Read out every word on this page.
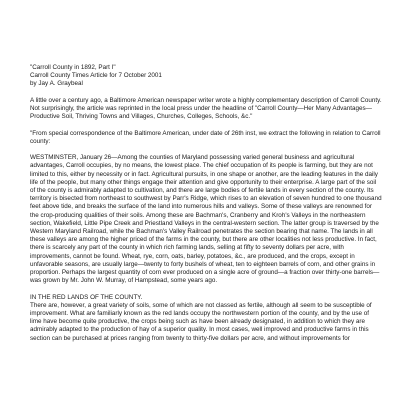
"Carroll County in 1892, Part I"
Carroll County Times Article for 7 October 2001
by Jay A. Graybeal

A little over a century ago, a Baltimore American newspaper writer wrote a highly complementary description of Carroll County. Not surprisingly, the article was reprinted in the local press under the headline of "Carroll County—Her Many Advantages—Productive Soil, Thriving Towns and Villages, Churches, Colleges, Schools, &c."

"From special correspondence of the Baltimore American, under date of 26th inst, we extract the following in relation to Carroll county:

WESTMINSTER, January 26—Among the counties of Maryland possessing varied general business and agricultural advantages, Carroll occupies, by no means, the lowest place. The chief occupation of its people is farming, but they are not limited to this, either by necessity or in fact. Agricultural pursuits, in one shape or another, are the leading features in the daily life of the people, but many other things engage their attention and give opportunity to their enterprise. A large part of the soil of the county is admirably adapted to cultivation, and there are large bodies of fertile lands in every section of the county. Its territory is bisected from northeast to southwest by Parr's Ridge, which rises to an elevation of seven hundred to one thousand feet above tide, and breaks the surface of the land into numerous hills and valleys. Some of these valleys are renowned for the crop-producing qualities of their soils. Among these are Bachman's, Cranberry and Kroh's Valleys in the northeastern section, Wakefield, Little Pipe Creek and Priestland Valleys in the central-western section. The latter group is traversed by the Western Maryland Railroad, while the Bachman's Valley Railroad penetrates the section bearing that name. The lands in all these valleys are among the higher priced of the farms in the county, but there are other localities not less productive. In fact, there is scarcely any part of the county in which rich farming lands, selling at fifty to seventy dollars per acre, with improvements, cannot be found. Wheat, rye, corn, oats, barley, potatoes, &c., are produced, and the crops, except in unfavorable seasons, are usually large—twenty to forty bushels of wheat, ten to eighteen barrels of corn, and other grains in proportion. Perhaps the largest quantity of corn ever produced on a single acre of ground—a fraction over thirty-one barrels—was grown by Mr. John W. Murray, of Hampstead, some years ago.

IN THE RED LANDS OF THE COUNTY.

There are, however, a great variety of soils, some of which are not classed as fertile, although all seem to be susceptible of improvement. What are familiarly known as the red lands occupy the northwestern portion of the county, and by the use of lime have become quite productive, the crops being such as have been already designated, in addition to which they are admirably adapted to the production of hay of a superior quality. In most cases, well improved and productive farms in this section can be purchased at prices ranging from twenty to thirty-five dollars per acre, and without improvements for
